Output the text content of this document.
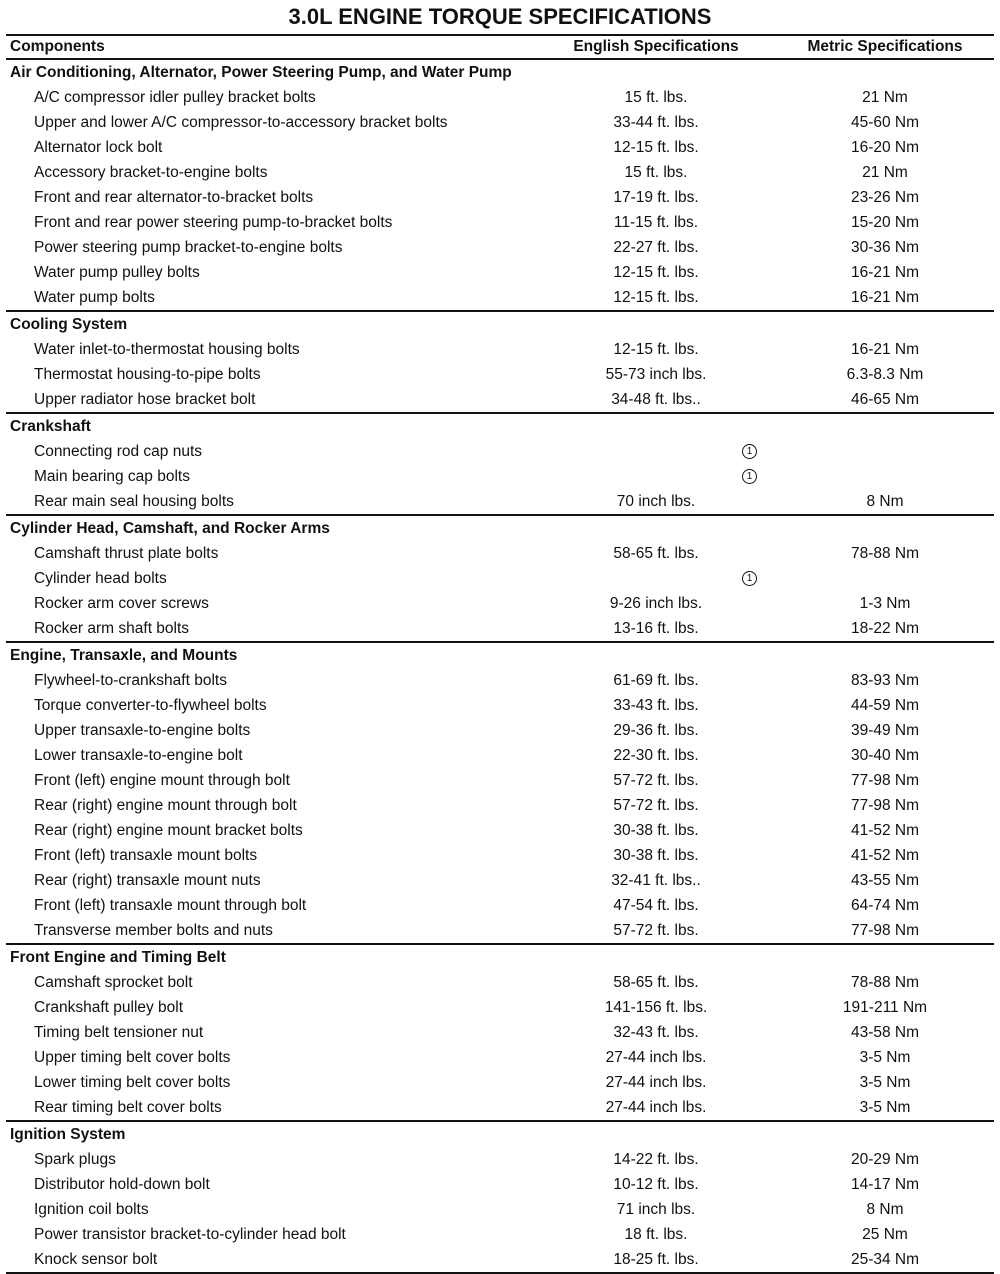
3.0L ENGINE TORQUE SPECIFICATIONS
Components	English Specifications	Metric Specifications
Air Conditioning, Alternator, Power Steering Pump, and Water Pump
A/C compressor idler pulley bracket bolts	15 ft. lbs.	21 Nm
Upper and lower A/C compressor-to-accessory bracket bolts	33-44 ft. lbs.	45-60 Nm
Alternator lock bolt	12-15 ft. lbs.	16-20 Nm
Accessory bracket-to-engine bolts	15 ft. lbs.	21 Nm
Front and rear alternator-to-bracket bolts	17-19 ft. lbs.	23-26 Nm
Front and rear power steering pump-to-bracket bolts	11-15 ft. lbs.	15-20 Nm
Power steering pump bracket-to-engine bolts	22-27 ft. lbs.	30-36 Nm
Water pump pulley bolts	12-15 ft. lbs.	16-21 Nm
Water pump bolts	12-15 ft. lbs.	16-21 Nm
Cooling System
Water inlet-to-thermostat housing bolts	12-15 ft. lbs.	16-21 Nm
Thermostat housing-to-pipe bolts	55-73 inch lbs.	6.3-8.3 Nm
Upper radiator hose bracket bolt	34-48 ft. lbs..	46-65 Nm
Crankshaft
Connecting rod cap nuts	1
Main bearing cap bolts	1
Rear main seal housing bolts	70 inch lbs.	8 Nm
Cylinder Head, Camshaft, and Rocker Arms
Camshaft thrust plate bolts	58-65 ft. lbs.	78-88 Nm
Cylinder head bolts	1
Rocker arm cover screws	9-26 inch lbs.	1-3 Nm
Rocker arm shaft bolts	13-16 ft. lbs.	18-22 Nm
Engine, Transaxle, and Mounts
Flywheel-to-crankshaft bolts	61-69 ft. lbs.	83-93 Nm
Torque converter-to-flywheel bolts	33-43 ft. lbs.	44-59 Nm
Upper transaxle-to-engine bolts	29-36 ft. lbs.	39-49 Nm
Lower transaxle-to-engine bolt	22-30 ft. lbs.	30-40 Nm
Front (left) engine mount through bolt	57-72 ft. lbs.	77-98 Nm
Rear (right) engine mount through bolt	57-72 ft. lbs.	77-98 Nm
Rear (right) engine mount bracket bolts	30-38 ft. lbs.	41-52 Nm
Front (left) transaxle mount bolts	30-38 ft. lbs.	41-52 Nm
Rear (right) transaxle mount nuts	32-41 ft. lbs..	43-55 Nm
Front (left) transaxle mount through bolt	47-54 ft. lbs.	64-74 Nm
Transverse member bolts and nuts	57-72 ft. lbs.	77-98 Nm
Front Engine and Timing Belt
Camshaft sprocket bolt	58-65 ft. lbs.	78-88 Nm
Crankshaft pulley bolt	141-156 ft. lbs.	191-211 Nm
Timing belt tensioner nut	32-43 ft. lbs.	43-58 Nm
Upper timing belt cover bolts	27-44 inch lbs.	3-5 Nm
Lower timing belt cover bolts	27-44 inch lbs.	3-5 Nm
Rear timing belt cover bolts	27-44 inch lbs.	3-5 Nm
Ignition System
Spark plugs	14-22 ft. lbs.	20-29 Nm
Distributor hold-down bolt	10-12 ft. lbs.	14-17 Nm
Ignition coil bolts	71 inch lbs.	8 Nm
Power transistor bracket-to-cylinder head bolt	18 ft. lbs.	25 Nm
Knock sensor bolt	18-25 ft. lbs.	25-34 Nm
